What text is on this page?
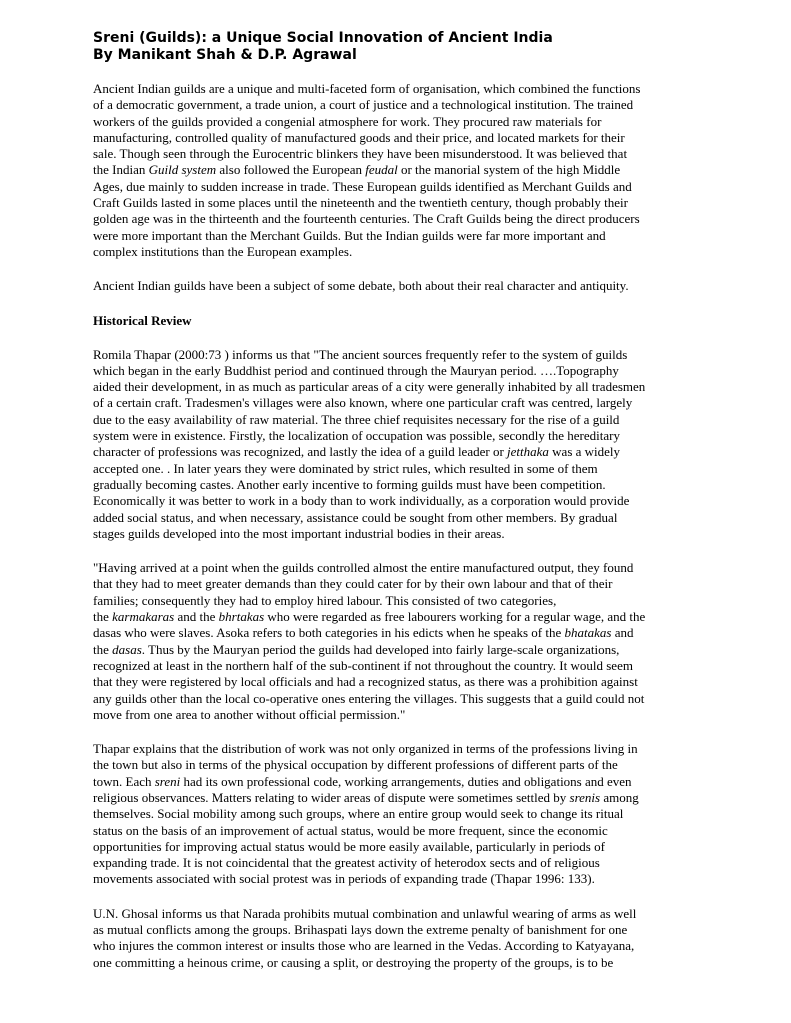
Sreni (Guilds): a Unique Social Innovation of Ancient India
By Manikant Shah & D.P. Agrawal

Ancient Indian guilds are a unique and multi-faceted form of organisation, which combined the functions
of a democratic government, a trade union, a court of justice and a technological institution. The trained
workers of the guilds provided a congenial atmosphere for work. They procured raw materials for
manufacturing, controlled quality of manufactured goods and their price, and located markets for their
sale. Though seen through the Eurocentric blinkers they have been misunderstood. It was believed that
the Indian Guild system also followed the European feudal or the manorial system of the high Middle
Ages, due mainly to sudden increase in trade. These European guilds identified as Merchant Guilds and
Craft Guilds lasted in some places until the nineteenth and the twentieth century, though probably their
golden age was in the thirteenth and the fourteenth centuries. The Craft Guilds being the direct producers
were more important than the Merchant Guilds. But the Indian guilds were far more important and
complex institutions than the European examples.

Ancient Indian guilds have been a subject of some debate, both about their real character and antiquity.

Historical Review

Romila Thapar (2000:73 ) informs us that "The ancient sources frequently refer to the system of guilds
which began in the early Buddhist period and continued through the Mauryan period. ….Topography
aided their development, in as much as particular areas of a city were generally inhabited by all tradesmen
of a certain craft. Tradesmen's villages were also known, where one particular craft was centred, largely
due to the easy availability of raw material. The three chief requisites necessary for the rise of a guild
system were in existence. Firstly, the localization of occupation was possible, secondly the hereditary
character of professions was recognized, and lastly the idea of a guild leader or jetthaka was a widely
accepted one. . In later years they were dominated by strict rules, which resulted in some of them
gradually becoming castes. Another early incentive to forming guilds must have been competition.
Economically it was better to work in a body than to work individually, as a corporation would provide
added social status, and when necessary, assistance could be sought from other members. By gradual
stages guilds developed into the most important industrial bodies in their areas.

"Having arrived at a point when the guilds controlled almost the entire manufactured output, they found
that they had to meet greater demands than they could cater for by their own labour and that of their
families; consequently they had to employ hired labour. This consisted of two categories,
the karmakaras and the bhrtakas who were regarded as free labourers working for a regular wage, and the
dasas who were slaves. Asoka refers to both categories in his edicts when he speaks of the bhatakas and
the dasas. Thus by the Mauryan period the guilds had developed into fairly large-scale organizations,
recognized at least in the northern half of the sub-continent if not throughout the country. It would seem
that they were registered by local officials and had a recognized status, as there was a prohibition against
any guilds other than the local co-operative ones entering the villages. This suggests that a guild could not
move from one area to another without official permission."

Thapar explains that the distribution of work was not only organized in terms of the professions living in
the town but also in terms of the physical occupation by different professions of different parts of the
town. Each sreni had its own professional code, working arrangements, duties and obligations and even
religious observances. Matters relating to wider areas of dispute were sometimes settled by srenis among
themselves. Social mobility among such groups, where an entire group would seek to change its ritual
status on the basis of an improvement of actual status, would be more frequent, since the economic
opportunities for improving actual status would be more easily available, particularly in periods of
expanding trade. It is not coincidental that the greatest activity of heterodox sects and of religious
movements associated with social protest was in periods of expanding trade (Thapar 1996: 133).

U.N. Ghosal informs us that Narada prohibits mutual combination and unlawful wearing of arms as well
as mutual conflicts among the groups. Brihaspati lays down the extreme penalty of banishment for one
who injures the common interest or insults those who are learned in the Vedas. According to Katyayana,
one committing a heinous crime, or causing a split, or destroying the property of the groups, is to be
